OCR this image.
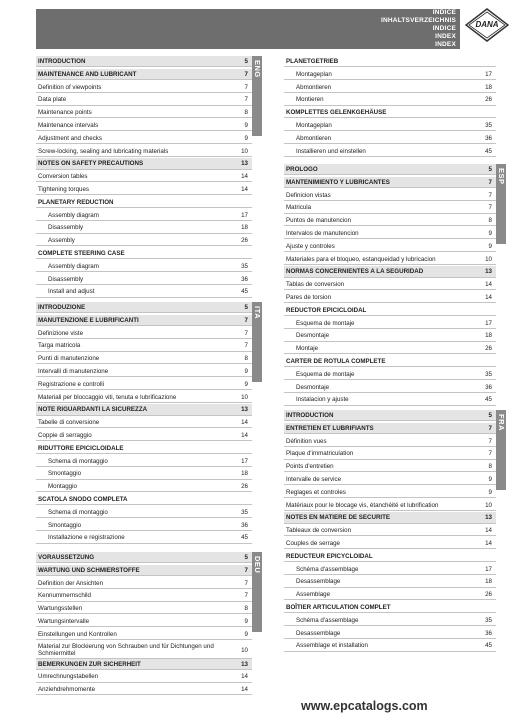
INDICE
INHALTSVERZEICHNIS
INDICE
INDEX
INDEX
DANA
INTRODUCTION	5
MAINTENANCE AND LUBRICANT	7
Definition of viewpoints	7
Data plate	7
Maintenance points	8
Maintenance intervals	9
Adjustment and checks	9
Screw-locking, sealing and lubricating materials	10
NOTES ON SAFETY PRECAUTIONS	13
Conversion tables	14
Tightening torques	14
PLANETARY REDUCTION
Assembly diagram	17
Disassembly	18
Assembly	26
COMPLETE STEERING CASE
Assembly diagram	35
Disassembly	36
Install and adjust	45
ENG
INTRODUZIONE	5
MANUTENZIONE E LUBRIFICANTI	7
Definizione viste	7
Targa matricola	7
Punti di manutenzione	8
Intervalli di manutenzione	9
Registrazione e controlli	9
Materiali per bloccaggio viti, tenuta e lubrificazione	10
NOTE RIGUARDANTI LA SICUREZZA	13
Tabelle di conversione	14
Coppie di serraggio	14
RIDUTTORE EPICICLOIDALE
Schema di montaggio	17
Smontaggio	18
Montaggio	26
SCATOLA SNODO COMPLETA
Schema di montaggio	35
Smontaggio	36
Installazione e registrazione	45
ITA
VORAUSSETZUNG	5
WARTUNG UND SCHMIERSTOFFE	7
Definition der Ansichten	7
Kennummernschild	7
Wartungsstellen	8
Wartungsintervalle	9
Einstellungen und Kontrollen	9
Material zur Blockierung von Schrauben und für Dichtungen und Schmiermittel	10
BEMERKUNGEN ZUR SICHERHEIT	13
Umrechnungstabellen	14
Anziehdrehmomente	14
DEU
PLANETGETRIEB
Montageplan	17
Abmontieren	18
Montieren	26
KOMPLETTES GELENKGEHÄUSE
Montageplan	35
Abmontieren	36
Installieren und einstellen	45
PROLOGO	5
MANTENIMIENTO Y LUBRICANTES	7
Definicion vistas	7
Matricula	7
Puntos de manutencion	8
Intervalos de manutencion	9
Ajuste y controles	9
Materiales para el bloqueo, estanqueidad y lubricacion	10
NORMAS CONCERNIENTES A LA SEGURIDAD	13
Tablas de conversion	14
Pares de torsion	14
REDUCTOR EPICICLOIDAL
Esquema de montaje	17
Desmontaje	18
Montaje	26
CARTER DE ROTULA COMPLETE
Esquema de montaje	35
Desmontaje	36
Instalacion y ajuste	45
ESP
INTRODUCTION	5
ENTRETIEN ET LUBRIFIANTS	7
Définition vues	7
Plaque d'immatriculation	7
Points d'entretien	8
Intervalle de service	9
Reglages et controles	9
Matériaux pour le blocage vis, étanchéité et lubrification	10
NOTES EN MATIERE DE SECURITE	13
Tableaux de conversion	14
Couples de serrage	14
REDUCTEUR EPICYCLOIDAL
Schéma d'assemblage	17
Desassemblage	18
Assemblage	26
BOÎTIER ARTICULATION COMPLET
Schéma d'assemblage	35
Desassemblage	36
Assemblage et installation	45
FRA
www.epcatalogs.com
